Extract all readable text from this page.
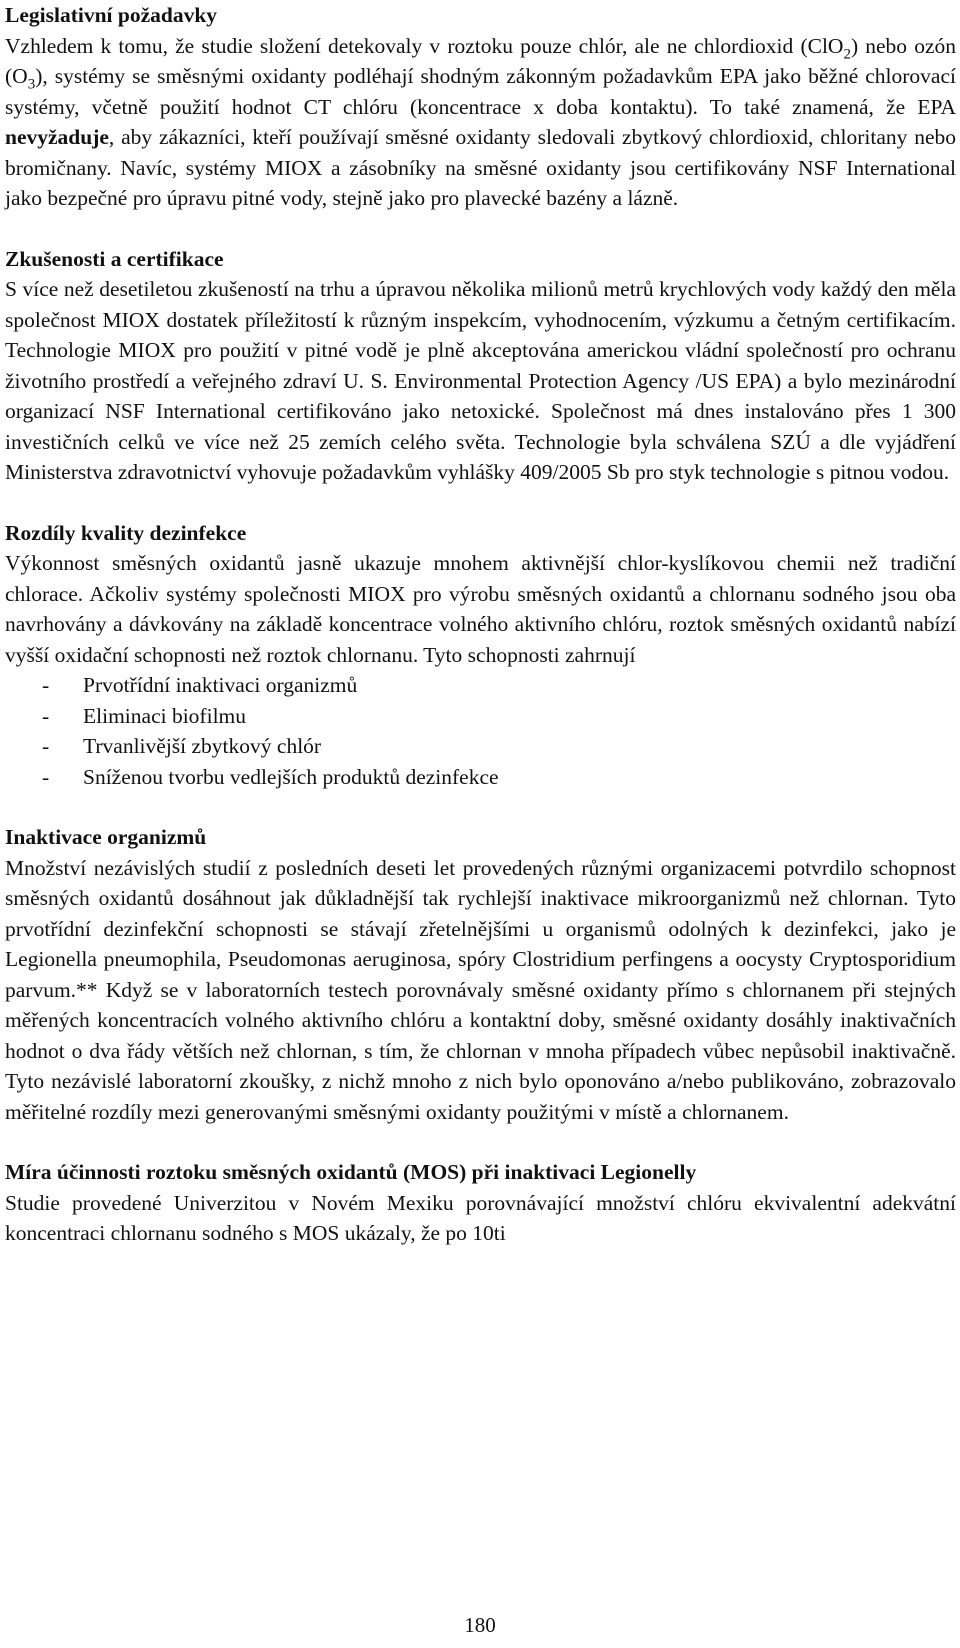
Legislativní požadavky
Vzhledem k tomu, že studie složení detekovaly v roztoku pouze chlór, ale ne chlordioxid (ClO$_2$) nebo ozón $(O_3)$, systémy se směsnými oxidanty podléhají shodným zákonným požadavkům EPA jako běžné chlorovací systémy, včetně použití hodnot CT chlóru (koncentrace x doba kontaktu). To také znamená, že EPA nevyžaduje, aby zákazníci, kteří používají směsné oxidanty sledovali zbytkový chlordioxid, chloritany nebo bromičnany. Navíc, systémy MIOX a zásobníky na směsné oxidanty jsou certifikovány NSF International jako bezpečné pro úpravu pitné vody, stejně jako pro plavecké bazény a lázně.
Zkušenosti a certifikace
S více než desetiletou zkušeností na trhu a úpravou několika milionů metrů krychlových vody každý den měla společnost MIOX dostatek příležitostí k různým inspekcím, vyhodnocením, výzkumu a četným certifikacím. Technologie MIOX pro použití v pitné vodě je plně akceptována americkou vládní společností pro ochranu životního prostředí a veřejného zdraví U. S. Environmental Protection Agency /US EPA) a bylo mezinárodní organizací NSF International certifikováno jako netoxické. Společnost má dnes instalováno přes 1 300 investičních celků ve více než 25 zemích celého světa. Technologie byla schválena SZÚ a dle vyjádření Ministerstva zdravotnictví vyhovuje požadavkům vyhlášky 409/2005 Sb pro styk technologie s pitnou vodou.
Rozdíly kvality dezinfekce
Výkonnost směsných oxidantů jasně ukazuje mnohem aktivnější chlor-kyslíkovou chemii než tradiční chlorace. Ačkoliv systémy společnosti MIOX pro výrobu směsných oxidantů a chlornanu sodného jsou oba navrhovány a dávkovány na základě koncentrace volného aktivního chlóru, roztok směsných oxidantů nabízí vyšší oxidační schopnosti než roztok chlornanu. Tyto schopnosti zahrnují
- Prvotřídní inaktivaci organizmů
- Eliminaci biofilmu
- Trvanlivější zbytkový chlór
- Sníženou tvorbu vedlejších produktů dezinfekce
Inaktivace organizmů
Množství nezávislých studií z posledních deseti let provedených různými organizacemi potvrdilo schopnost směsných oxidantů dosáhnout jak důkladnější tak rychlejší inaktivace mikroorganizmů než chlornan. Tyto prvotřídní dezinfekční schopnosti se stávají zřetelnějšími u organismů odolných k dezinfekci, jako je Legionella pneumophila, Pseudomonas aeruginosa, spóry Clostridium perfingens a oocysty Cryptosporidium parvum.** Když se v laboratorních testech porovnávaly směsné oxidanty přímo s chlornanem při stejných měřených koncentracích volného aktivního chlóru a kontaktní doby, směsné oxidanty dosáhly inaktivačních hodnot o dva řády větších než chlornan, s tím, že chlornan v mnoha případech vůbec nepůsobil inaktivačně. Tyto nezávislé laboratorní zkoušky, z nichž mnoho z nich bylo oponováno a/nebo publikováno, zobrazovalo měřitelné rozdíly mezi generovanými směsnými oxidanty použitými v místě a chlornanem.
Míra účinnosti roztoku směsných oxidantů (MOS) při inaktivaci Legionelly
Studie provedené Univerzitou v Novém Mexiku porovnávající množství chlóru ekvivalentní adekvátní koncentraci chlornanu sodného s MOS ukázaly, že po 10ti
180
